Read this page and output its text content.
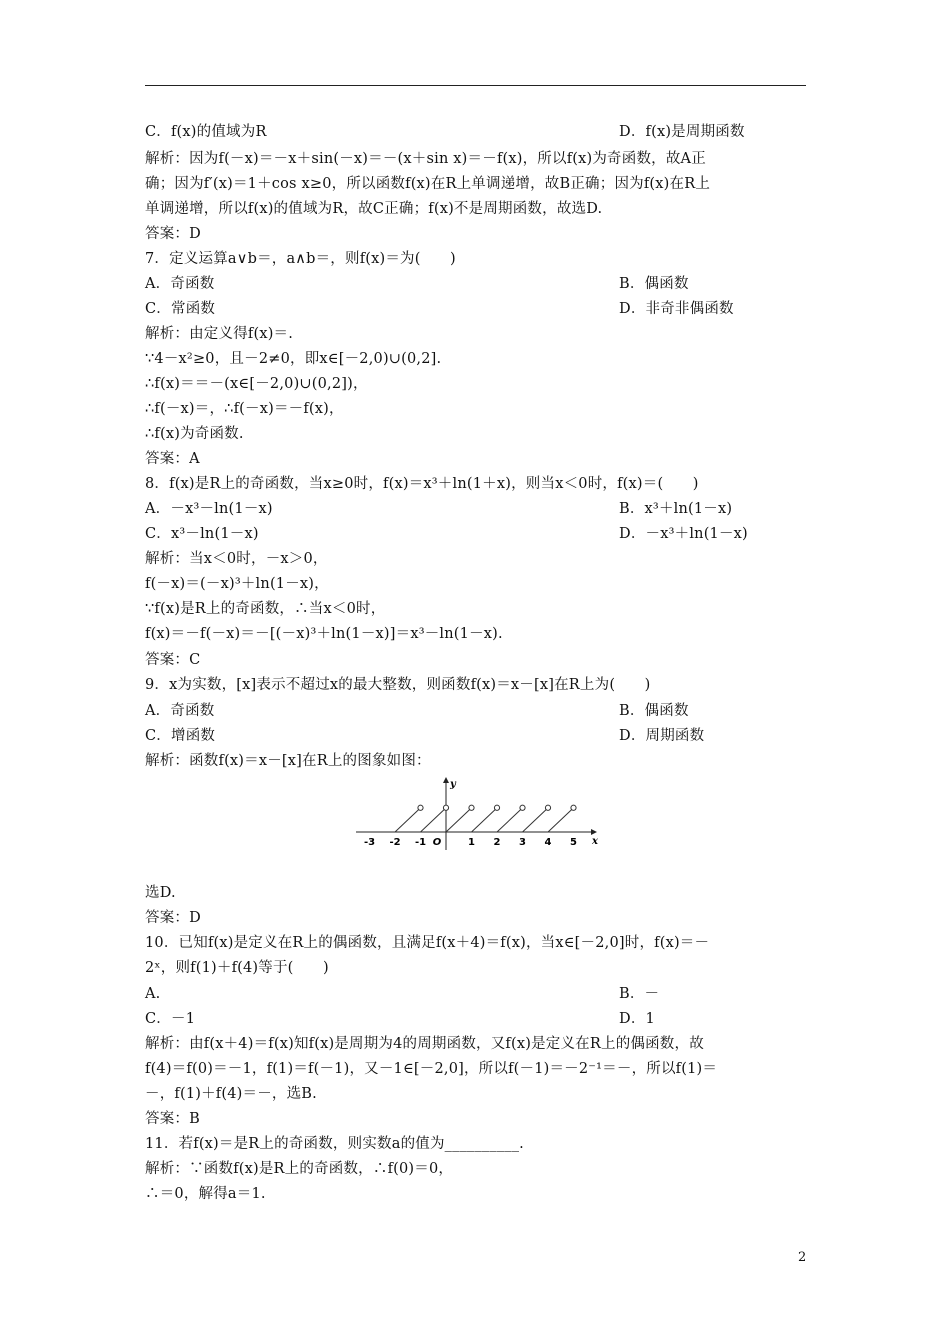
C．f(x)的值域为R	D．f(x)是周期函数
解析：因为f(－x)＝－x＋sin(－x)＝－(x＋sin x)＝－f(x)，所以f(x)为奇函数，故A正
确；因为f′(x)＝1＋cos x≥0，所以函数f(x)在R上单调递增，故B正确；因为f(x)在R上
单调递增，所以f(x)的值域为R，故C正确；f(x)不是周期函数，故选D.
答案：D
7．定义运算a∨b＝，a∧b＝，则f(x)＝为(　　)
A．奇函数	B．偶函数
C．常函数	D．非奇非偶函数
解析：由定义得f(x)＝.
∵4－x²≥0，且－2≠0，即x∈[－2,0)∪(0,2].
∴f(x)＝＝－(x∈[－2,0)∪(0,2])，
∴f(－x)＝，∴f(－x)＝－f(x)，
∴f(x)为奇函数.
答案：A
8．f(x)是R上的奇函数，当x≥0时，f(x)＝x³＋ln(1＋x)，则当x＜0时，f(x)＝(　　)
A．－x³－ln(1－x)	B．x³＋ln(1－x)
C．x³－ln(1－x)	D．－x³＋ln(1－x)
解析：当x＜0时，－x＞0，
f(－x)＝(－x)³＋ln(1－x)，
∵f(x)是R上的奇函数，∴当x＜0时，
f(x)＝－f(－x)＝－[(－x)³＋ln(1－x)]＝x³－ln(1－x).
答案：C
9．x为实数，[x]表示不超过x的最大整数，则函数f(x)＝x－[x]在R上为(　　)
A．奇函数	B．偶函数
C．增函数	D．周期函数
解析：函数f(x)＝x－[x]在R上的图象如图：
-3 -2 -1 O	1 2 3 4 5 x
y
选D.
答案：D
10．已知f(x)是定义在R上的偶函数，且满足f(x＋4)＝f(x)，当x∈[－2,0]时，f(x)＝－
2ˣ，则f(1)＋f(4)等于(　　)
A.	B．－
C．－1	D．1
解析：由f(x＋4)＝f(x)知f(x)是周期为4的周期函数，又f(x)是定义在R上的偶函数，故
f(4)＝f(0)＝－1，f(1)＝f(－1)，又－1∈[－2,0]，所以f(－1)＝－2⁻¹＝－，所以f(1)＝
－，f(1)＋f(4)＝－，选B.
答案：B
11．若f(x)＝是R上的奇函数，则实数a的值为__________.
解析：∵函数f(x)是R上的奇函数，∴f(0)＝0，
∴＝0，解得a＝1.
2
